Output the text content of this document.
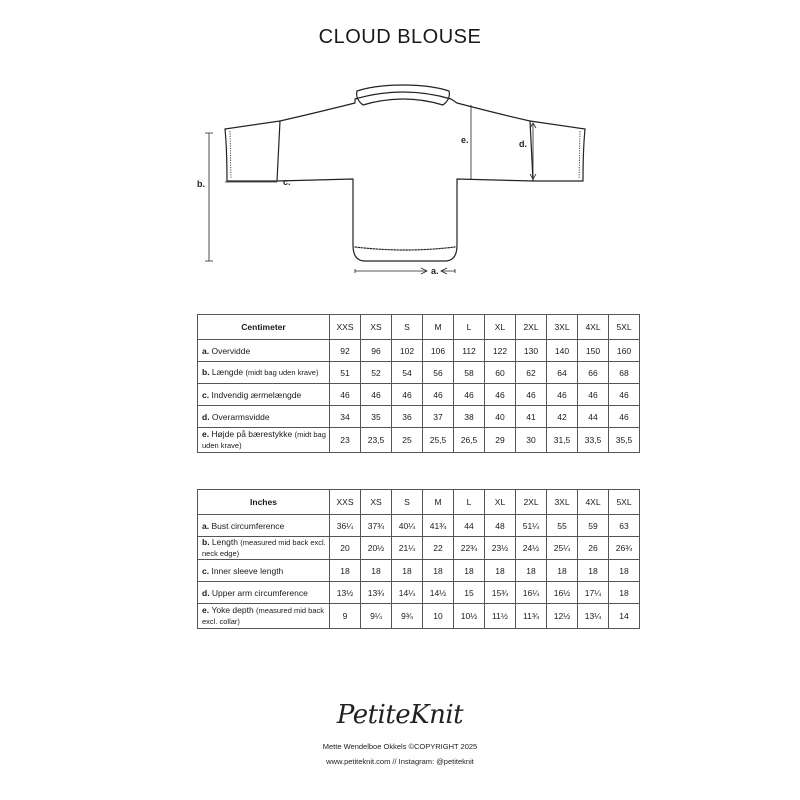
CLOUD BLOUSE
a.
b.	c.
d.
e.
Centimeter	XXS	XS	S	M	L	XL	2XL	3XL	4XL	5XL
a. Overvidde	92	96	102	106	112	122	130	140	150	160
b. Længde (midt bag uden krave)	51	52	54	56	58	60	62	64	66	68
c. Indvendig ærmelængde	46	46	46	46	46	46	46	46	46	46
d. Overarmsvidde	34	35	36	37	38	40	41	42	44	46
e. Højde på bærestykke (midt bag uden krave)	23	23,5	25	25,5	26,5	29	30	31,5	33,5	35,5
Inches	XXS	XS	S	M	L	XL	2XL	3XL	4XL	5XL
a. Bust circumference	36¼	37¾	40¼	41¾	44	48	51¼	55	59	63
b. Length (measured mid back excl. neck edge)	20	20½	21¼	22	22¾	23½	24½	25¼	26	26¾
c. Inner sleeve length	18	18	18	18	18	18	18	18	18	18
d. Upper arm circumference	13½	13¾	14¼	14½	15	15¾	16¼	16½	17¼	18
e. Yoke depth (measured mid back excl. collar)	9	9¼	9¾	10	10½	11½	11¾	12½	13¼	14
PetiteKnit
Mette Wendelboe Okkels ©COPYRIGHT 2025
www.petiteknit.com // Instagram: @petiteknit
